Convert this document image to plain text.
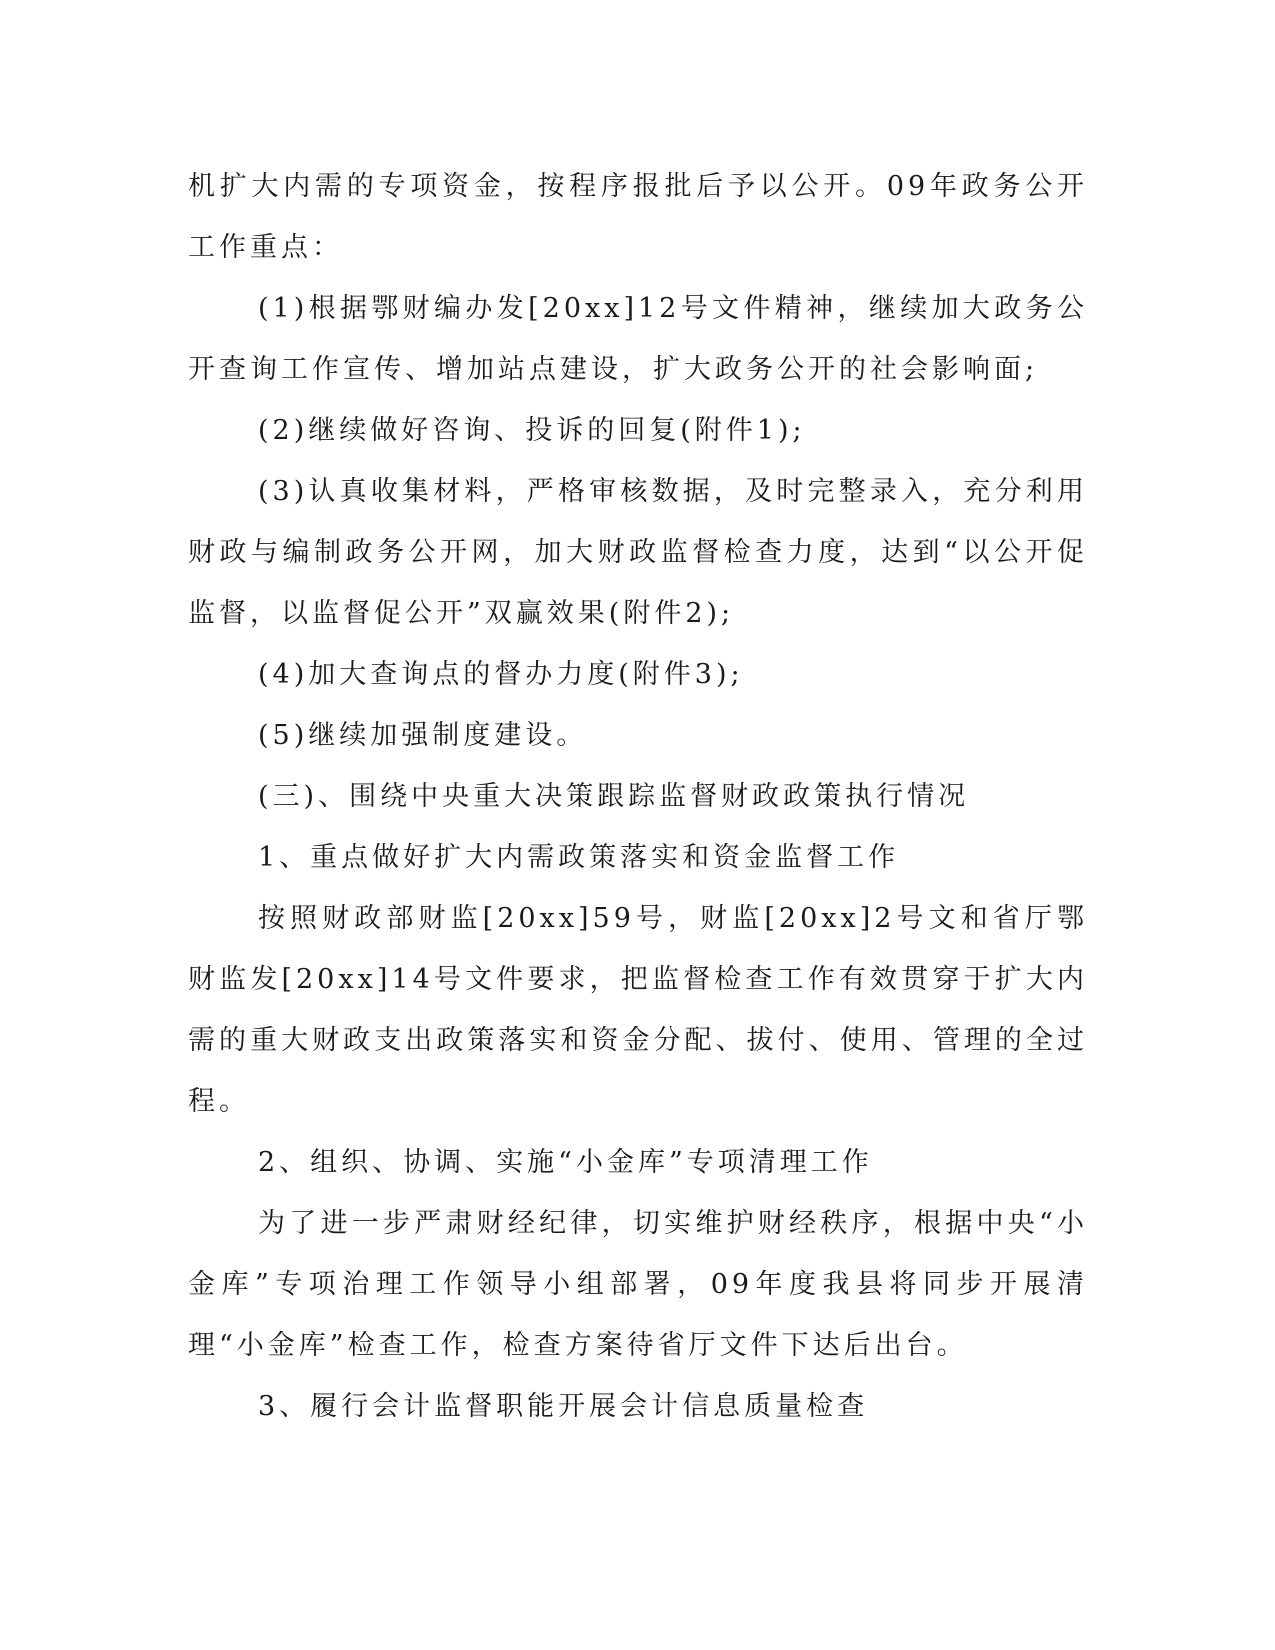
机扩大内需的专项资金，按程序报批后予以公开。09年政务公开工作重点：

(1)根据鄂财编办发[20xx]12号文件精神，继续加大政务公开查询工作宣传、增加站点建设，扩大政务公开的社会影响面;

(2)继续做好咨询、投诉的回复(附件1);

(3)认真收集材料，严格审核数据，及时完整录入，充分利用财政与编制政务公开网，加大财政监督检查力度，达到“以公开促监督，以监督促公开”双赢效果(附件2);

(4)加大查询点的督办力度(附件3);

(5)继续加强制度建设。

(三)、围绕中央重大决策跟踪监督财政政策执行情况

1、重点做好扩大内需政策落实和资金监督工作

按照财政部财监[20xx]59号，财监[20xx]2号文和省厅鄂财监发[20xx]14号文件要求，把监督检查工作有效贯穿于扩大内需的重大财政支出政策落实和资金分配、拔付、使用、管理的全过程。

2、组织、协调、实施“小金库”专项清理工作

为了进一步严肃财经纪律，切实维护财经秩序，根据中央“小金库”专项治理工作领导小组部署，09年度我县将同步开展清理“小金库”检查工作，检查方案待省厅文件下达后出台。

3、履行会计监督职能开展会计信息质量检查
